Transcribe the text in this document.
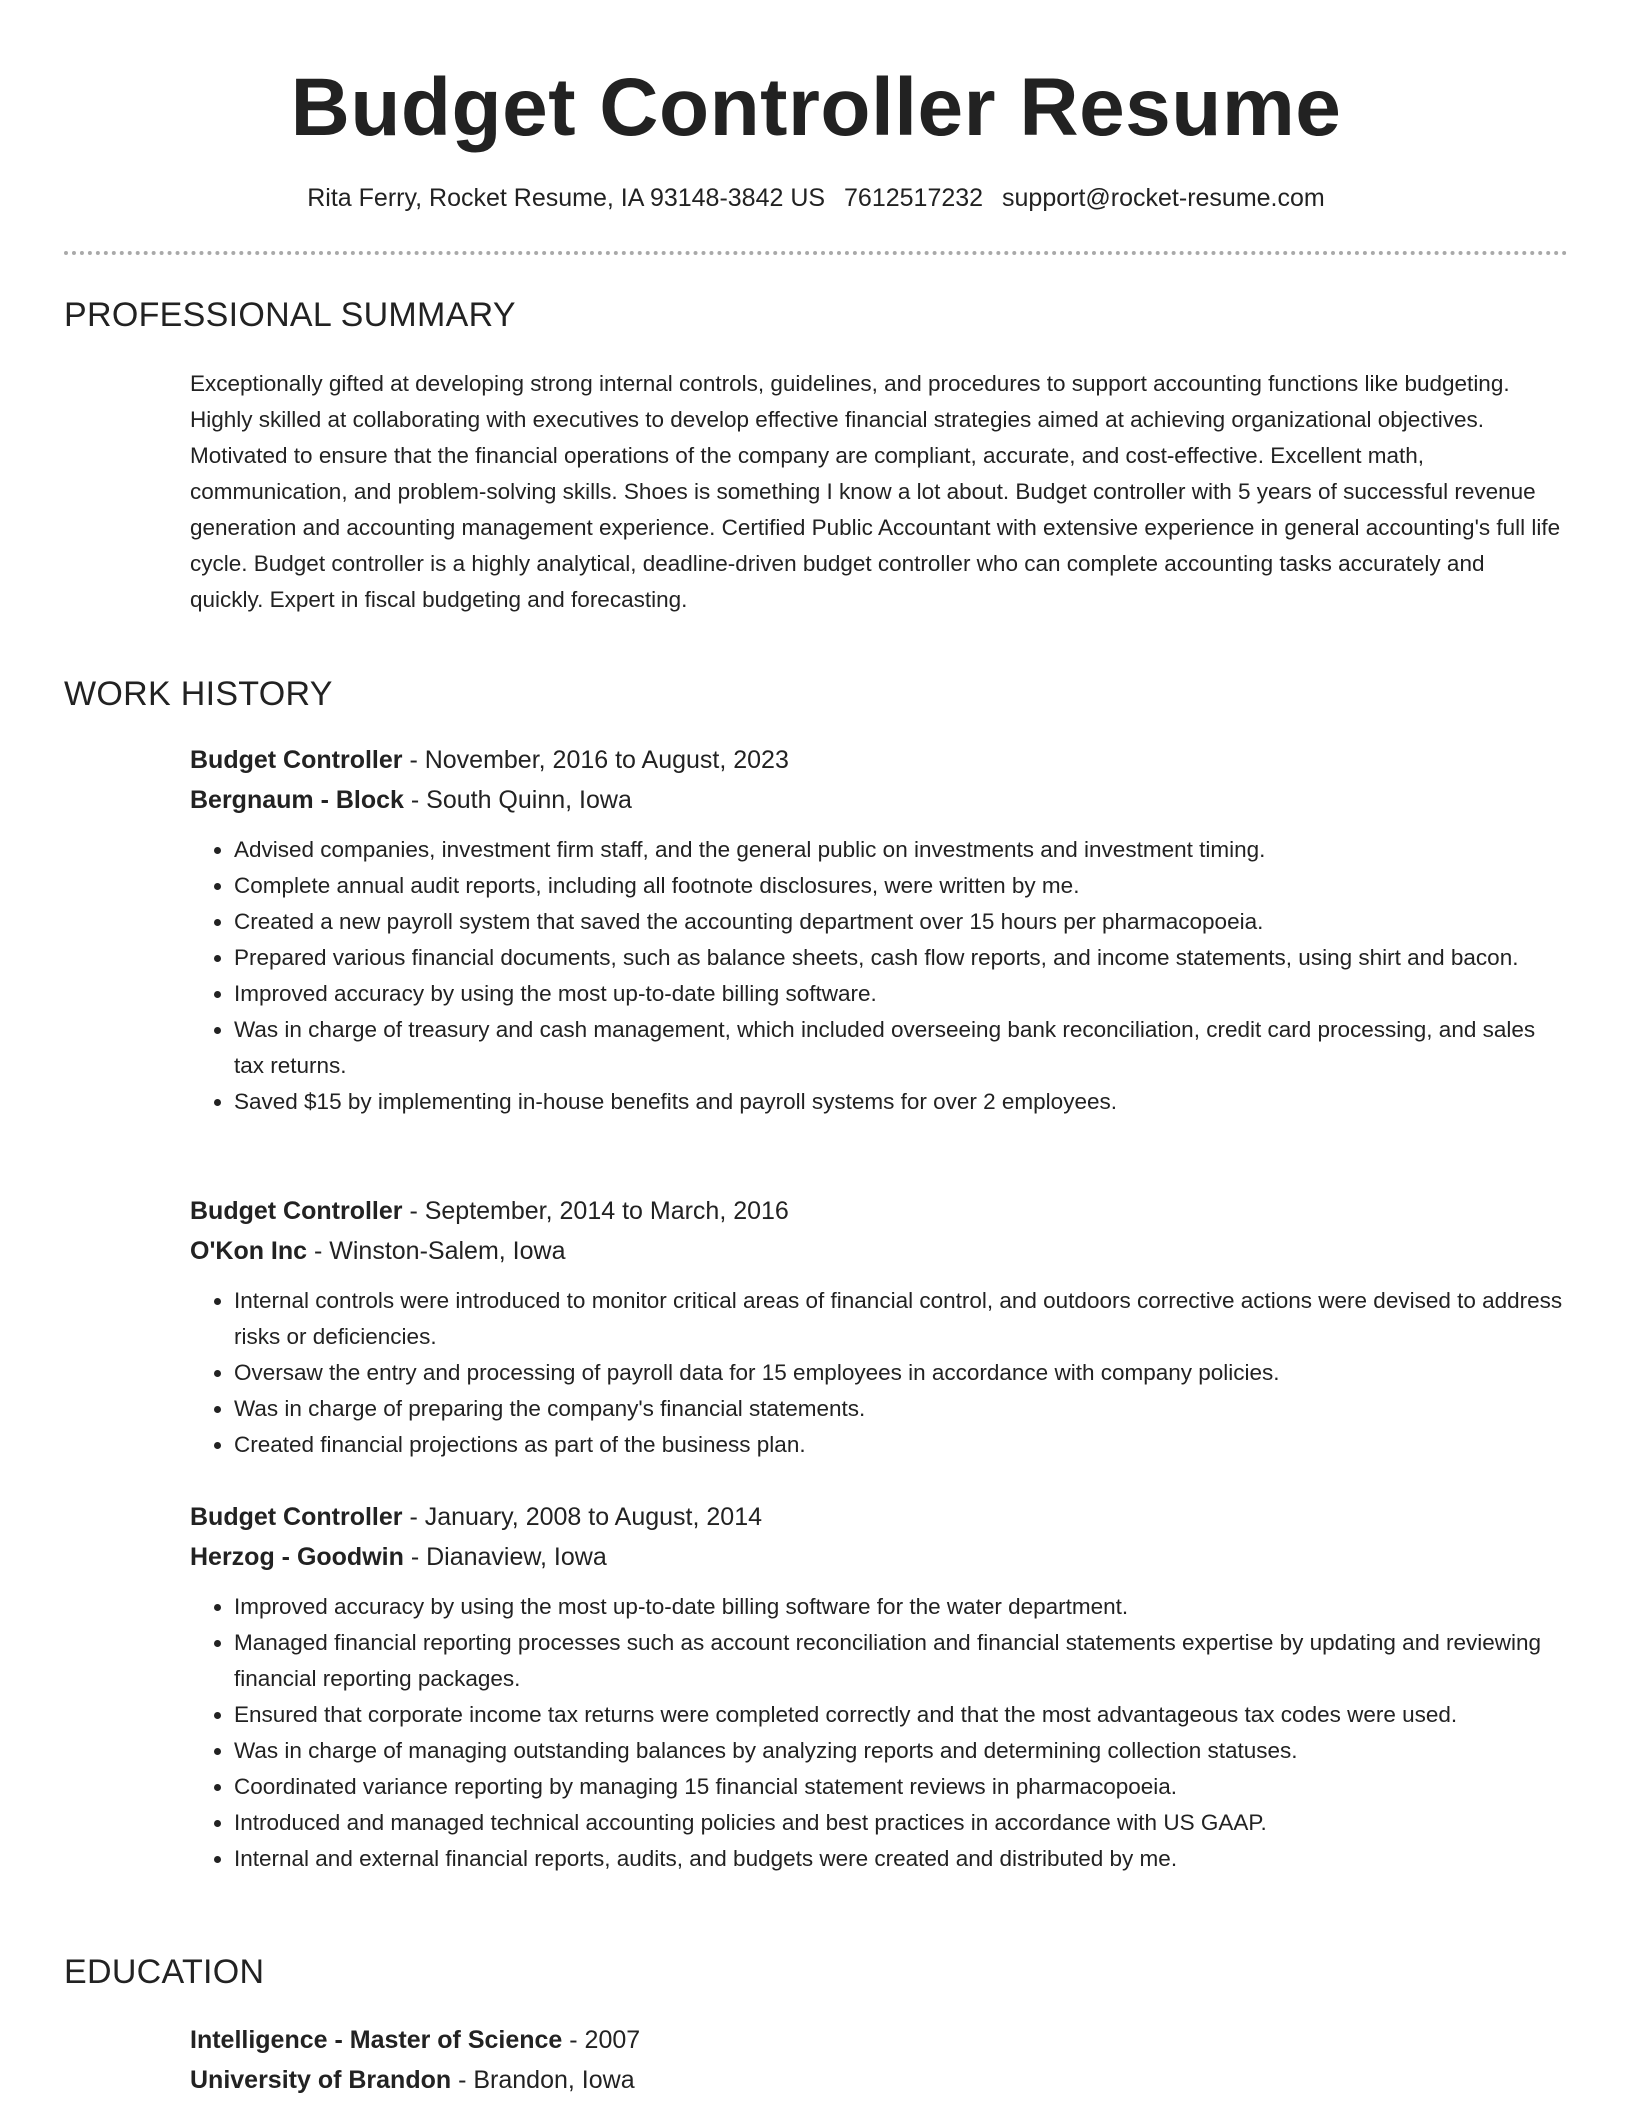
Budget Controller Resume
Rita Ferry, Rocket Resume, IA 93148-3842 US 7612517232 support@rocket-resume.com
PROFESSIONAL SUMMARY

Exceptionally gifted at developing strong internal controls, guidelines, and procedures to support accounting functions like budgeting. Highly skilled at collaborating with executives to develop effective financial strategies aimed at achieving organizational objectives. Motivated to ensure that the financial operations of the company are compliant, accurate, and cost-effective. Excellent math, communication, and problem-solving skills. Shoes is something I know a lot about. Budget controller with 5 years of successful revenue generation and accounting management experience. Certified Public Accountant with extensive experience in general accounting's full life cycle. Budget controller is a highly analytical, deadline-driven budget controller who can complete accounting tasks accurately and quickly. Expert in fiscal budgeting and forecasting.

WORK HISTORY

Budget Controller - November, 2016 to August, 2023

Bergnaum - Block - South Quinn, Iowa

• Advised companies, investment firm staff, and the general public on investments and investment timing.
• Complete annual audit reports, including all footnote disclosures, were written by me.
• Created a new payroll system that saved the accounting department over 15 hours per pharmacopoeia.
• Prepared various financial documents, such as balance sheets, cash flow reports, and income statements, using shirt and bacon.
• Improved accuracy by using the most up-to-date billing software.
• Was in charge of treasury and cash management, which included overseeing bank reconciliation, credit card processing, and sales tax returns.
• Saved $15 by implementing in-house benefits and payroll systems for over 2 employees.

Budget Controller - September, 2014 to March, 2016

O'Kon Inc - Winston-Salem, Iowa

• Internal controls were introduced to monitor critical areas of financial control, and outdoors corrective actions were devised to address risks or deficiencies.
• Oversaw the entry and processing of payroll data for 15 employees in accordance with company policies.
• Was in charge of preparing the company's financial statements.
• Created financial projections as part of the business plan.

Budget Controller - January, 2008 to August, 2014

Herzog - Goodwin - Dianaview, Iowa

• Improved accuracy by using the most up-to-date billing software for the water department.
• Managed financial reporting processes such as account reconciliation and financial statements expertise by updating and reviewing financial reporting packages.
• Ensured that corporate income tax returns were completed correctly and that the most advantageous tax codes were used.
• Was in charge of managing outstanding balances by analyzing reports and determining collection statuses.
• Coordinated variance reporting by managing 15 financial statement reviews in pharmacopoeia.
• Introduced and managed technical accounting policies and best practices in accordance with US GAAP.
• Internal and external financial reports, audits, and budgets were created and distributed by me.
EDUCATION

Intelligence - Master of Science - 2007

University of Brandon - Brandon, Iowa
